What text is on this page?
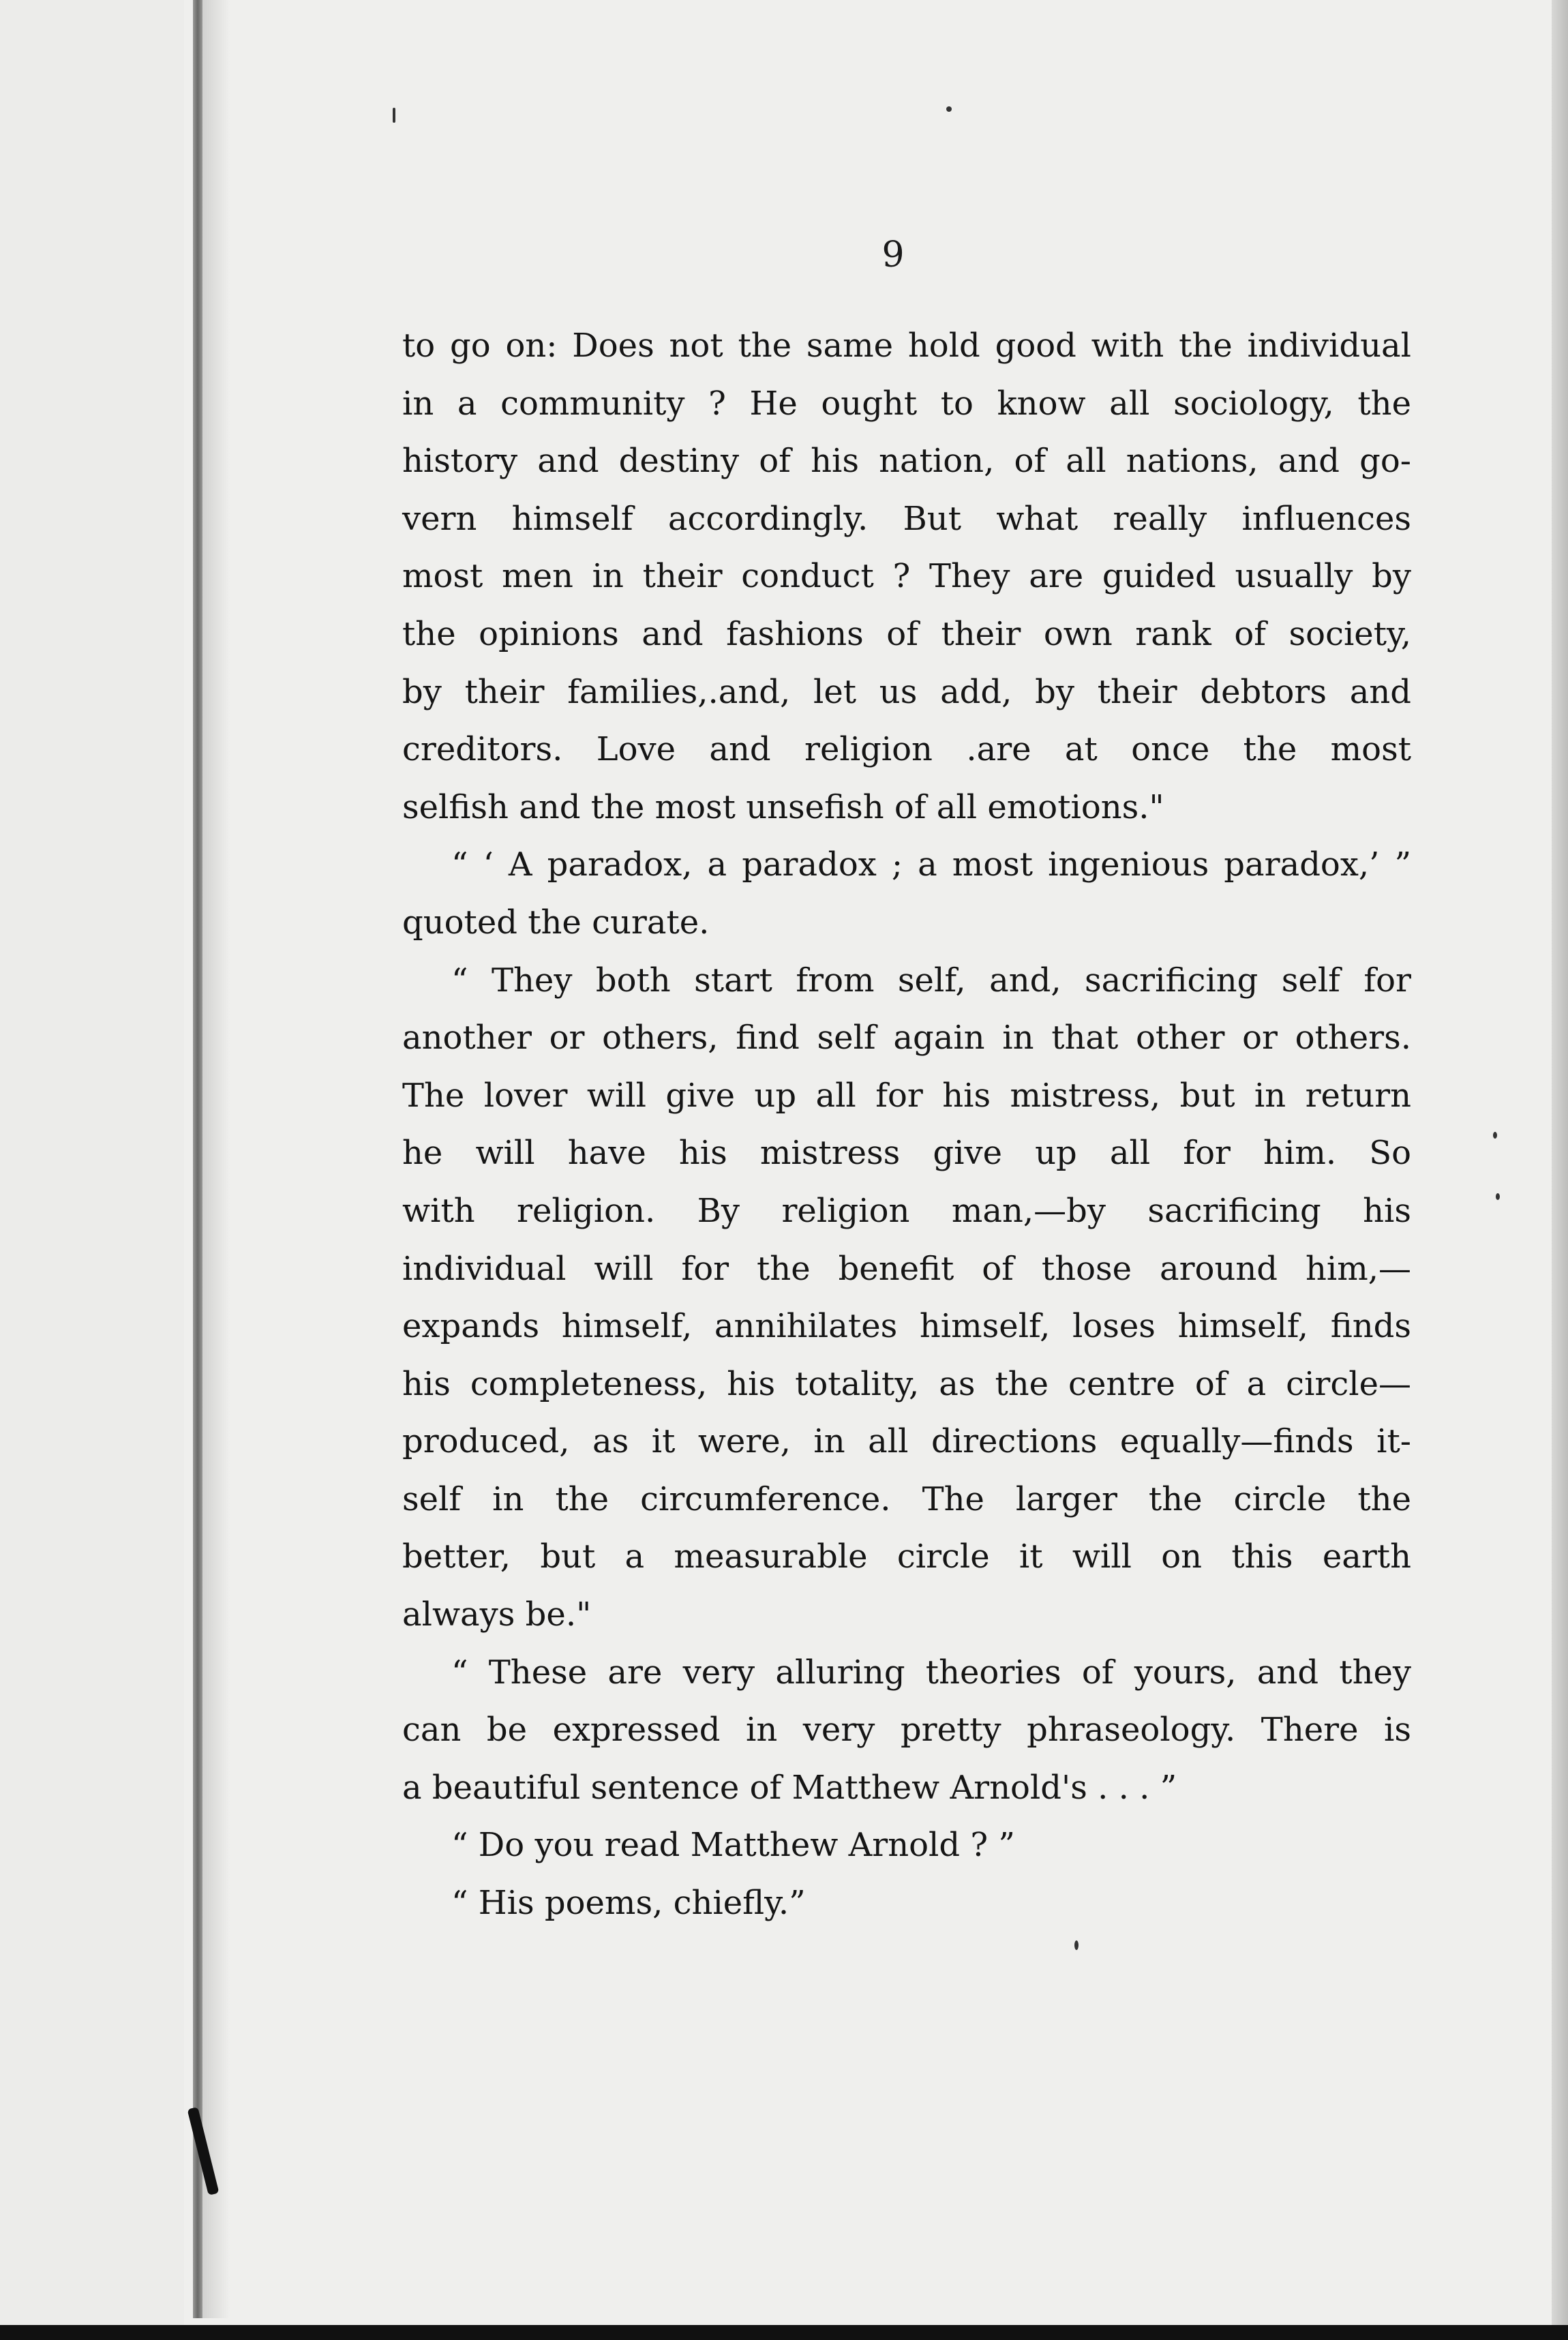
9
to go on: Does not the same hold good with the individual
in a community ? He ought to know all sociology, the
history and destiny of his nation, of all nations, and go-
vern himself accordingly. But what really influences
most men in their conduct ? They are guided usually by
the opinions and fashions of their own rank of society,
by their families,.and, let us add, by their debtors and
creditors. Love and religion .are at once the most
selfish and the most unsefish of all emotions."
“ ‘ A paradox, a paradox ; a most ingenious paradox,’ ”
quoted the curate.
“ They both start from self, and, sacrificing self for
another or others, find self again in that other or others.
The lover will give up all for his mistress, but in return
he will have his mistress give up all for him. So
with religion. By religion man,—by sacrificing his
individual will for the benefit of those around him,—
expands himself, annihilates himself, loses himself, finds
his completeness, his totality, as the centre of a circle—
produced, as it were, in all directions equally—finds it-
self in the circumference. The larger the circle the
better, but a measurable circle it will on this earth
always be."
“ These are very alluring theories of yours, and they
can be expressed in very pretty phraseology. There is
a beautiful sentence of Matthew Arnold's . . . ”
“ Do you read Matthew Arnold ? ”
“ His poems, chiefly.”
